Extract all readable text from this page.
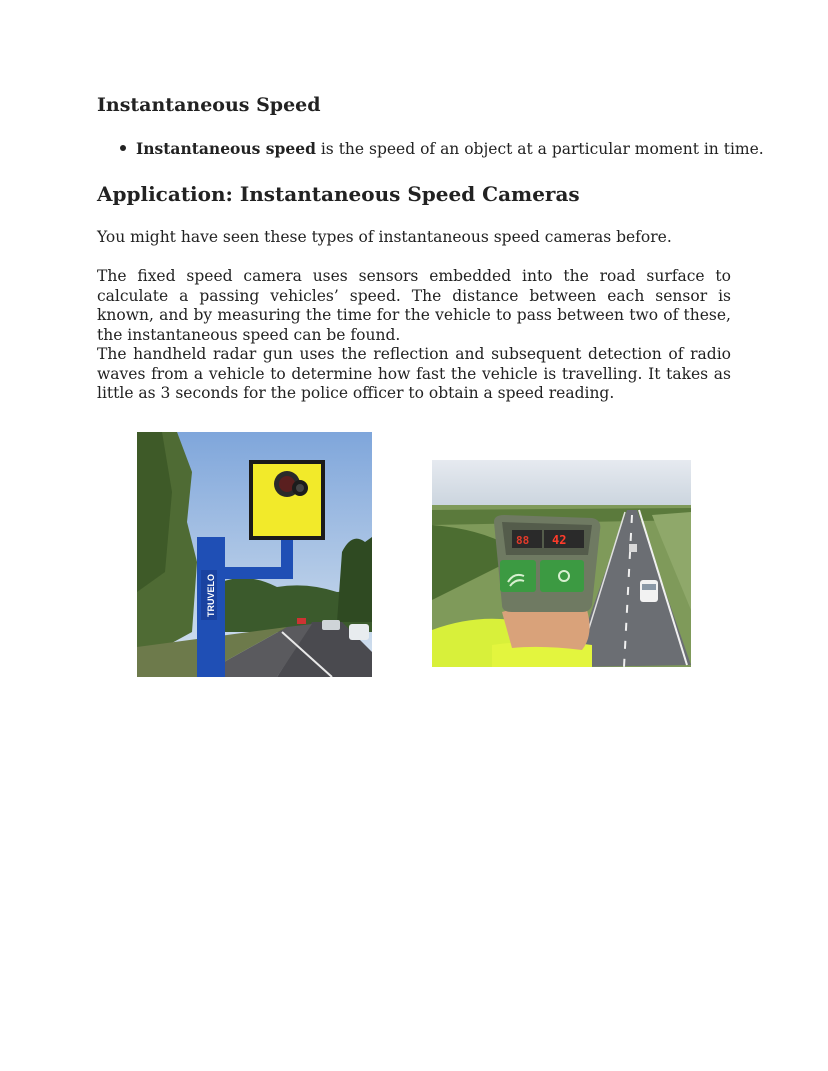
Instantaneous Speed

Instantaneous speed is the speed of an object at a particular moment in time.

Application: Instantaneous Speed Cameras

You might have seen these types of instantaneous speed cameras before.

The fixed speed camera uses sensors embedded into the road surface to calculate a passing vehicles’ speed. The distance between each sensor is known, and by measuring the time for the vehicle to pass between two of these, the instantaneous speed can be found.

The handheld radar gun uses the reflection and subsequent detection of radio waves from a vehicle to determine how fast the vehicle is travelling. It takes as little as 3 seconds for the police officer to obtain a speed reading.

TRUVELO
88 42
